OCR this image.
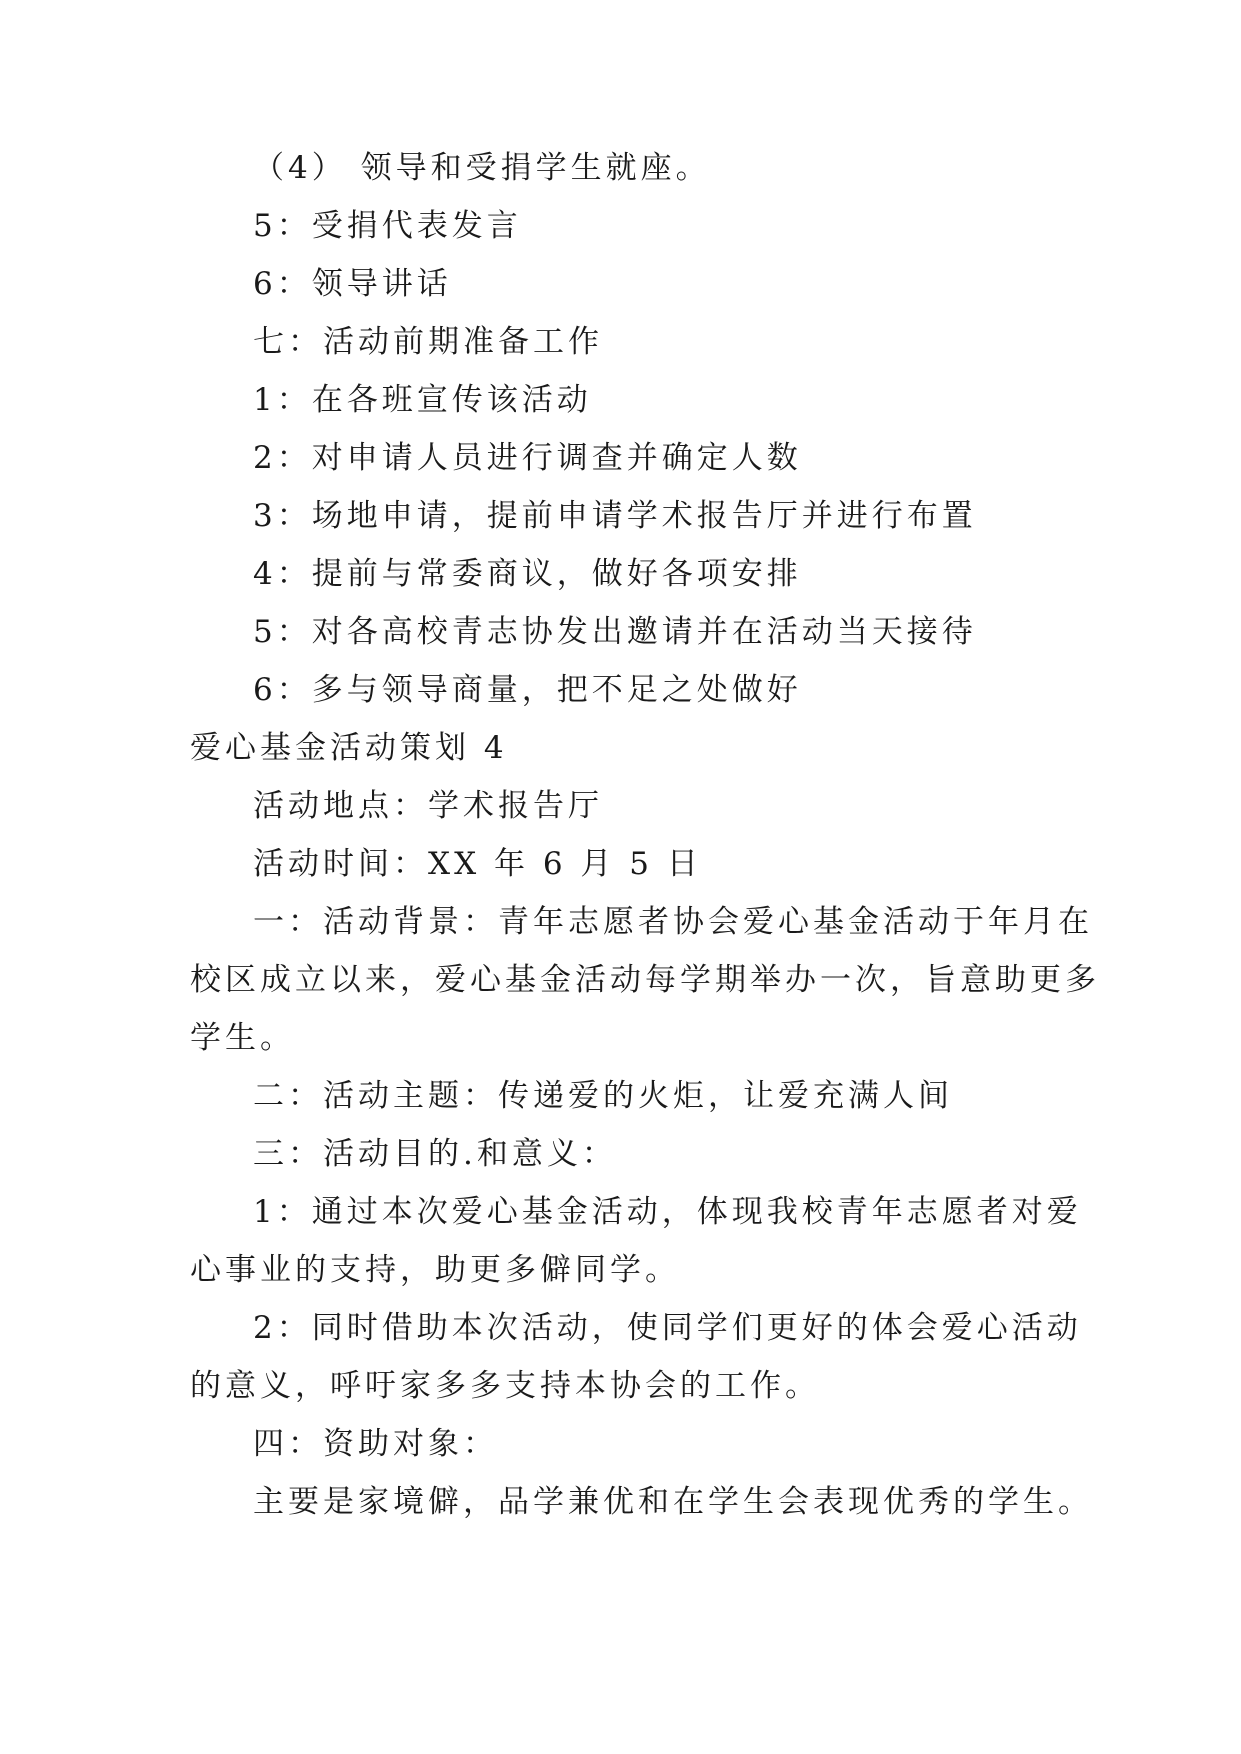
（4） 领导和受捐学生就座。
5：受捐代表发言
6：领导讲话
七：活动前期准备工作
1：在各班宣传该活动
2：对申请人员进行调查并确定人数
3：场地申请，提前申请学术报告厅并进行布置
4：提前与常委商议，做好各项安排
5：对各高校青志协发出邀请并在活动当天接待
6：多与领导商量，把不足之处做好
爱心基金活动策划 4
活动地点：学术报告厅
活动时间：XX 年 6 月 5 日
一：活动背景：青年志愿者协会爱心基金活动于年月在
校区成立以来，爱心基金活动每学期举办一次，旨意助更多
学生。
二：活动主题：传递爱的火炬，让爱充满人间
三：活动目的.和意义：
1：通过本次爱心基金活动，体现我校青年志愿者对爱
心事业的支持，助更多僻同学。
2：同时借助本次活动，使同学们更好的体会爱心活动
的意义，呼吁家多多支持本协会的工作。
四：资助对象：
主要是家境僻，品学兼优和在学生会表现优秀的学生。
